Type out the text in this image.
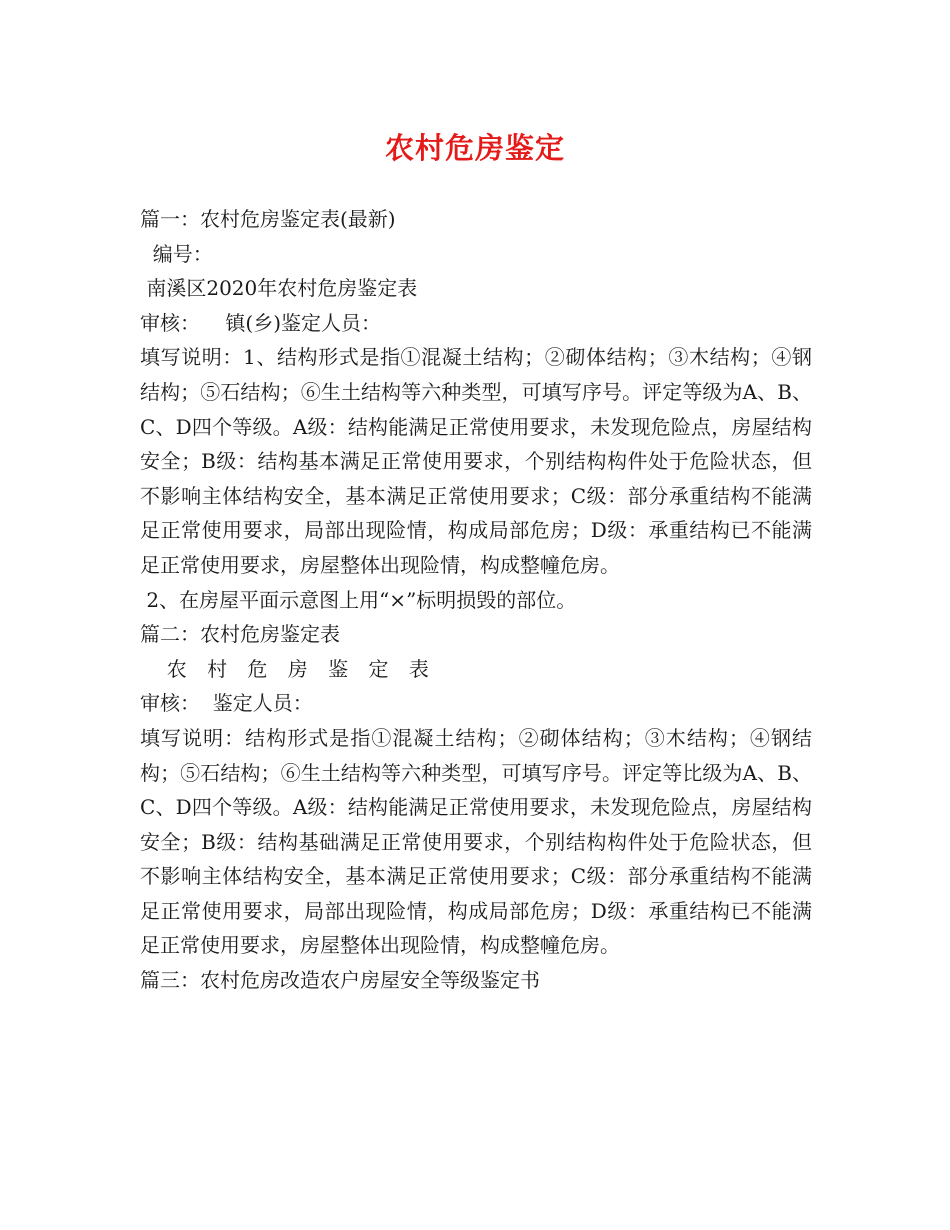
农村危房鉴定

篇一：农村危房鉴定表(最新)

编号：

南溪区2020年农村危房鉴定表

审核：    镇(乡)鉴定人员：

填写说明：1、结构形式是指①混凝土结构；②砌体结构；③木结构；④钢结构；⑤石结构；⑥生土结构等六种类型，可填写序号。评定等级为A、B、C、D四个等级。A级：结构能满足正常使用要求，未发现危险点，房屋结构安全；B级：结构基本满足正常使用要求，个别结构构件处于危险状态，但不影响主体结构安全，基本满足正常使用要求；C级：部分承重结构不能满足正常使用要求，局部出现险情，构成局部危房；D级：承重结构已不能满足正常使用要求，房屋整体出现险情，构成整幢危房。

2、在房屋平面示意图上用“×”标明损毁的部位。

篇二：农村危房鉴定表

农 村 危 房 鉴 定 表

审核：  鉴定人员：

填写说明：结构形式是指①混凝土结构；②砌体结构；③木结构；④钢结构；⑤石结构；⑥生土结构等六种类型，可填写序号。评定等比级为A、B、C、D四个等级。A级：结构能满足正常使用要求，未发现危险点，房屋结构安全；B级：结构基础满足正常使用要求，个别结构构件处于危险状态，但不影响主体结构安全，基本满足正常使用要求；C级：部分承重结构不能满足正常使用要求，局部出现险情，构成局部危房；D级：承重结构已不能满足正常使用要求，房屋整体出现险情，构成整幢危房。

篇三：农村危房改造农户房屋安全等级鉴定书
